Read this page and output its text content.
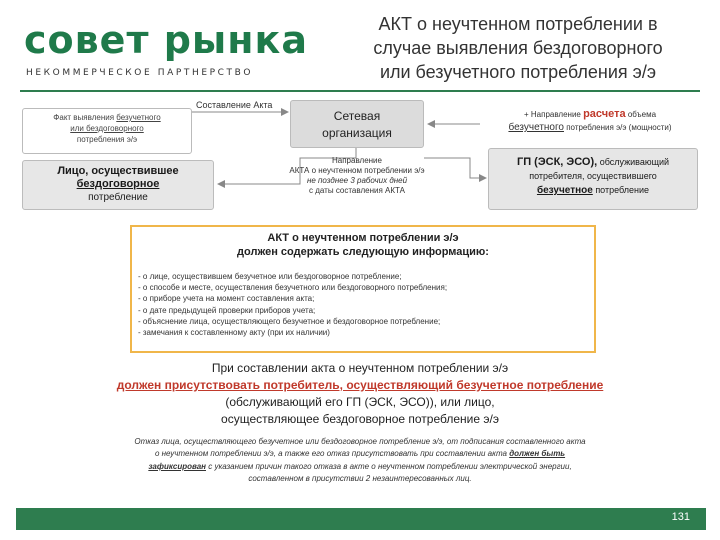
совет рынка
НЕКОММЕРЧЕСКОЕ ПАРТНЕРСТВО
АКТ о неучтенном потреблении в
случае выявления бездоговорного
или безучетного потребления э/э
Факт выявления безучетного
или бездоговорного
потребления э/э
Составление Акта
Сетевая
организация
Лицо, осуществившее
бездоговорное
потребление
Направление
АКТА о неучтенном потреблении э/э
не позднее 3 рабочих дней
с даты составления АКТА
+ Направление расчета объема
безучетного потребления э/э (мощности)
ГП (ЭСК, ЭСО), обслуживающий
потребителя, осуществившего
безучетное потребление
АКТ о неучтенном потреблении э/э
должен содержать следующую информацию:
- о лице, осуществившем безучетное или бездоговорное потребление;
- о способе и месте, осуществления безучетного или бездоговорного потребления;
- о приборе учета на момент составления акта;
- о дате предыдущей проверки приборов учета;
- объяснение лица, осуществляющего безучетное и бездоговорное потребление;
- замечания к составленному акту (при их наличии)
При составлении акта о неучтенном потреблении э/э
должен присутствовать потребитель, осуществляющий безучетное потребление
(обслуживающий его ГП (ЭСК, ЭСО)), или лицо,
осуществляющее бездоговорное потребление э/э
Отказ лица, осуществляющего безучетное или бездоговорное потребление э/э, от подписания составленного акта
о неучтенном потреблении э/э, а также его отказ присутствовать при составлении акта должен быть
зафиксирован с указанием причин такого отказа в акте о неучтенном потреблении электрической энергии,
составленном в присутствии 2 незаинтересованных лиц.
131
